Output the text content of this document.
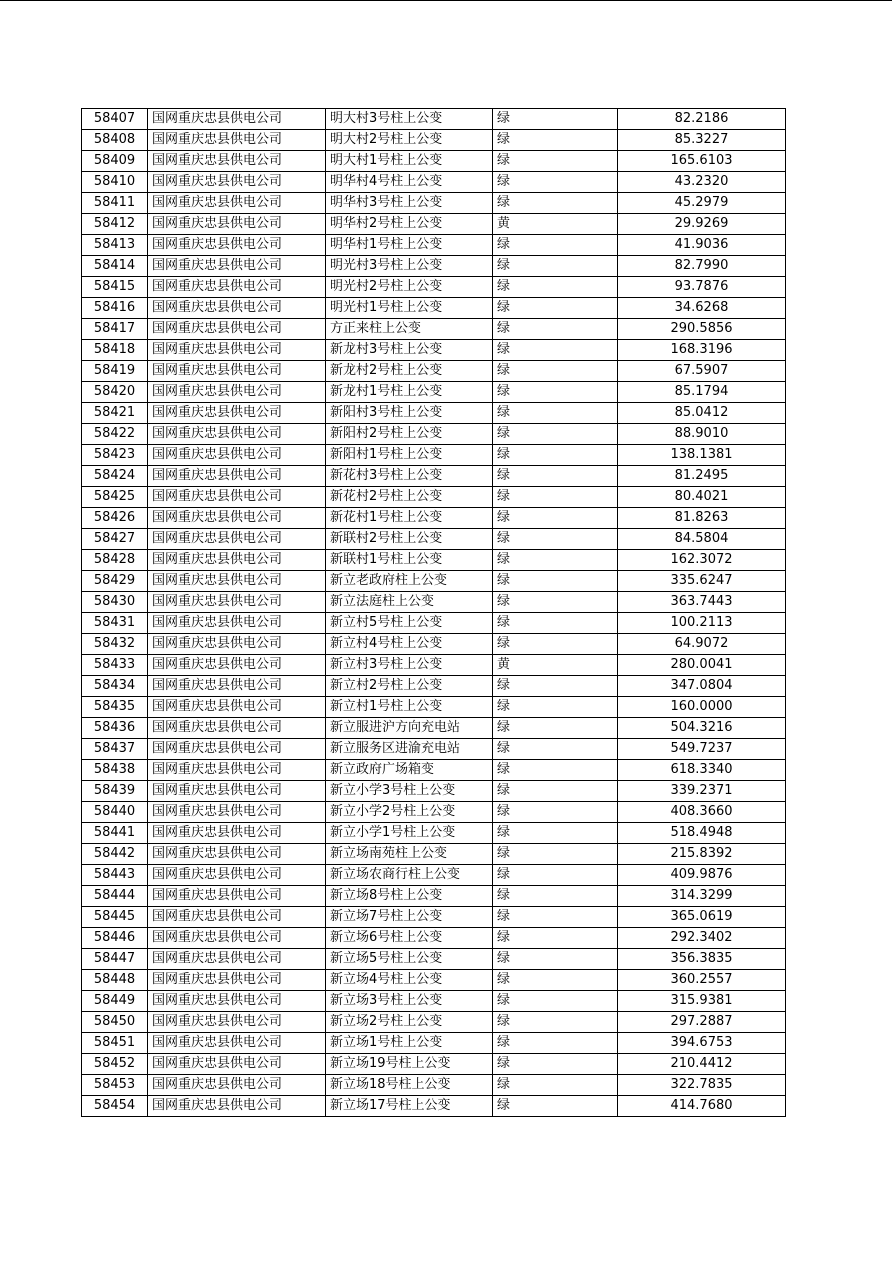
58407	国网重庆忠县供电公司	明大村3号柱上公变	绿	82.2186
58408	国网重庆忠县供电公司	明大村2号柱上公变	绿	85.3227
58409	国网重庆忠县供电公司	明大村1号柱上公变	绿	165.6103
58410	国网重庆忠县供电公司	明华村4号柱上公变	绿	43.2320
58411	国网重庆忠县供电公司	明华村3号柱上公变	绿	45.2979
58412	国网重庆忠县供电公司	明华村2号柱上公变	黄	29.9269
58413	国网重庆忠县供电公司	明华村1号柱上公变	绿	41.9036
58414	国网重庆忠县供电公司	明光村3号柱上公变	绿	82.7990
58415	国网重庆忠县供电公司	明光村2号柱上公变	绿	93.7876
58416	国网重庆忠县供电公司	明光村1号柱上公变	绿	34.6268
58417	国网重庆忠县供电公司	方正来柱上公变	绿	290.5856
58418	国网重庆忠县供电公司	新龙村3号柱上公变	绿	168.3196
58419	国网重庆忠县供电公司	新龙村2号柱上公变	绿	67.5907
58420	国网重庆忠县供电公司	新龙村1号柱上公变	绿	85.1794
58421	国网重庆忠县供电公司	新阳村3号柱上公变	绿	85.0412
58422	国网重庆忠县供电公司	新阳村2号柱上公变	绿	88.9010
58423	国网重庆忠县供电公司	新阳村1号柱上公变	绿	138.1381
58424	国网重庆忠县供电公司	新花村3号柱上公变	绿	81.2495
58425	国网重庆忠县供电公司	新花村2号柱上公变	绿	80.4021
58426	国网重庆忠县供电公司	新花村1号柱上公变	绿	81.8263
58427	国网重庆忠县供电公司	新联村2号柱上公变	绿	84.5804
58428	国网重庆忠县供电公司	新联村1号柱上公变	绿	162.3072
58429	国网重庆忠县供电公司	新立老政府柱上公变	绿	335.6247
58430	国网重庆忠县供电公司	新立法庭柱上公变	绿	363.7443
58431	国网重庆忠县供电公司	新立村5号柱上公变	绿	100.2113
58432	国网重庆忠县供电公司	新立村4号柱上公变	绿	64.9072
58433	国网重庆忠县供电公司	新立村3号柱上公变	黄	280.0041
58434	国网重庆忠县供电公司	新立村2号柱上公变	绿	347.0804
58435	国网重庆忠县供电公司	新立村1号柱上公变	绿	160.0000
58436	国网重庆忠县供电公司	新立服进沪方向充电站	绿	504.3216
58437	国网重庆忠县供电公司	新立服务区进渝充电站	绿	549.7237
58438	国网重庆忠县供电公司	新立政府广场箱变	绿	618.3340
58439	国网重庆忠县供电公司	新立小学3号柱上公变	绿	339.2371
58440	国网重庆忠县供电公司	新立小学2号柱上公变	绿	408.3660
58441	国网重庆忠县供电公司	新立小学1号柱上公变	绿	518.4948
58442	国网重庆忠县供电公司	新立场南苑柱上公变	绿	215.8392
58443	国网重庆忠县供电公司	新立场农商行柱上公变	绿	409.9876
58444	国网重庆忠县供电公司	新立场8号柱上公变	绿	314.3299
58445	国网重庆忠县供电公司	新立场7号柱上公变	绿	365.0619
58446	国网重庆忠县供电公司	新立场6号柱上公变	绿	292.3402
58447	国网重庆忠县供电公司	新立场5号柱上公变	绿	356.3835
58448	国网重庆忠县供电公司	新立场4号柱上公变	绿	360.2557
58449	国网重庆忠县供电公司	新立场3号柱上公变	绿	315.9381
58450	国网重庆忠县供电公司	新立场2号柱上公变	绿	297.2887
58451	国网重庆忠县供电公司	新立场1号柱上公变	绿	394.6753
58452	国网重庆忠县供电公司	新立场19号柱上公变	绿	210.4412
58453	国网重庆忠县供电公司	新立场18号柱上公变	绿	322.7835
58454	国网重庆忠县供电公司	新立场17号柱上公变	绿	414.7680
